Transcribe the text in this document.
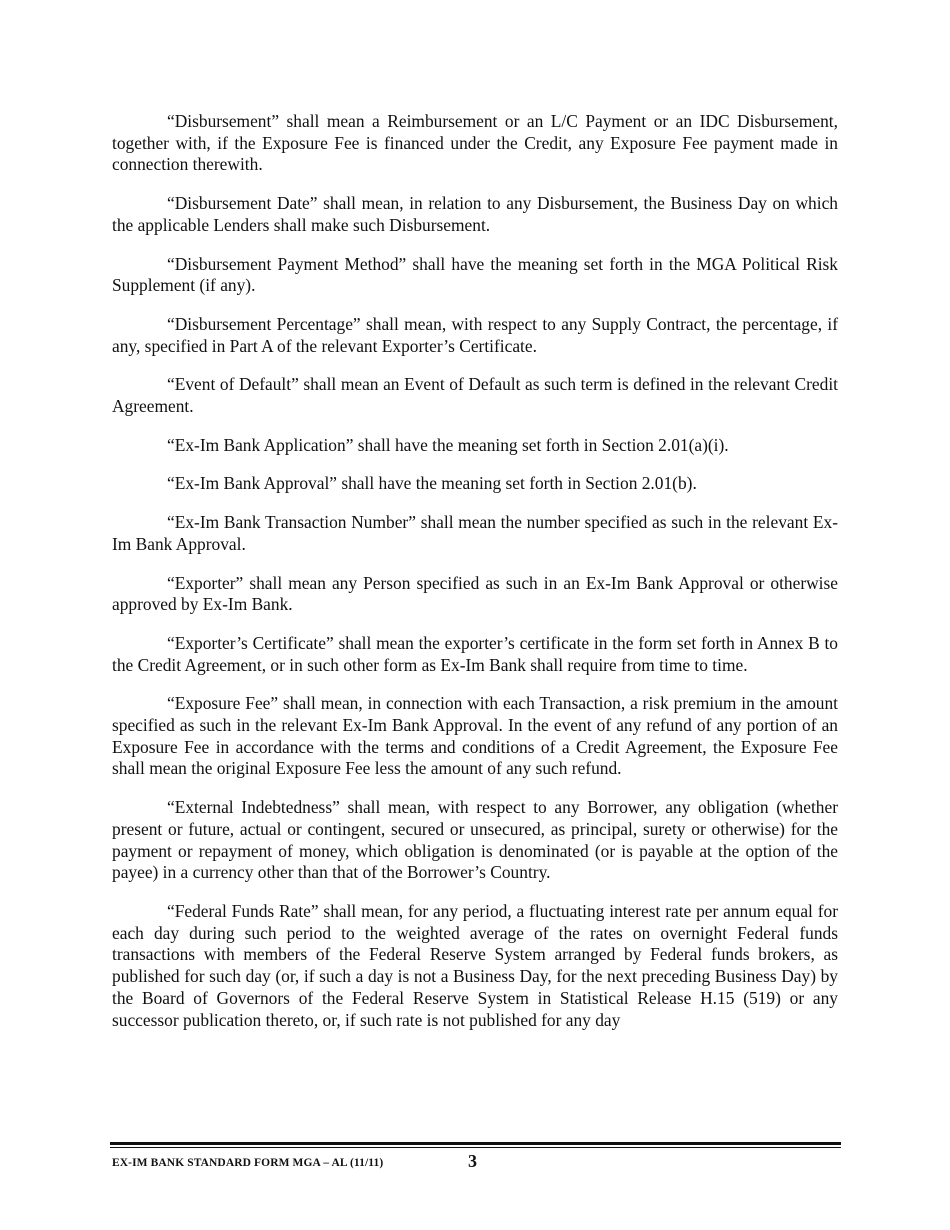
“Disbursement” shall mean a Reimbursement or an L/C Payment or an IDC Disbursement, together with, if the Exposure Fee is financed under the Credit, any Exposure Fee payment made in connection therewith.

“Disbursement Date” shall mean, in relation to any Disbursement, the Business Day on which the applicable Lenders shall make such Disbursement.

“Disbursement Payment Method” shall have the meaning set forth in the MGA Political Risk Supplement (if any).

“Disbursement Percentage” shall mean, with respect to any Supply Contract, the percentage, if any, specified in Part A of the relevant Exporter’s Certificate.

“Event of Default” shall mean an Event of Default as such term is defined in the relevant Credit Agreement.

“Ex-Im Bank Application” shall have the meaning set forth in Section 2.01(a)(i).

“Ex-Im Bank Approval” shall have the meaning set forth in Section 2.01(b).

“Ex-Im Bank Transaction Number” shall mean the number specified as such in the relevant Ex-Im Bank Approval.

“Exporter” shall mean any Person specified as such in an Ex-Im Bank Approval or otherwise approved by Ex-Im Bank.

“Exporter’s Certificate” shall mean the exporter’s certificate in the form set forth in Annex B to the Credit Agreement, or in such other form as Ex-Im Bank shall require from time to time.

“Exposure Fee” shall mean, in connection with each Transaction, a risk premium in the amount specified as such in the relevant Ex-Im Bank Approval. In the event of any refund of any portion of an Exposure Fee in accordance with the terms and conditions of a Credit Agreement, the Exposure Fee shall mean the original Exposure Fee less the amount of any such refund.

“External Indebtedness” shall mean, with respect to any Borrower, any obligation (whether present or future, actual or contingent, secured or unsecured, as principal, surety or otherwise) for the payment or repayment of money, which obligation is denominated (or is payable at the option of the payee) in a currency other than that of the Borrower’s Country.

“Federal Funds Rate” shall mean, for any period, a fluctuating interest rate per annum equal for each day during such period to the weighted average of the rates on overnight Federal funds transactions with members of the Federal Reserve System arranged by Federal funds brokers, as published for such day (or, if such a day is not a Business Day, for the next preceding Business Day) by the Board of Governors of the Federal Reserve System in Statistical Release H.15 (519) or any successor publication thereto, or, if such rate is not published for any day

EX-IM BANK STANDARD FORM MGA – AL (11/11)	3
